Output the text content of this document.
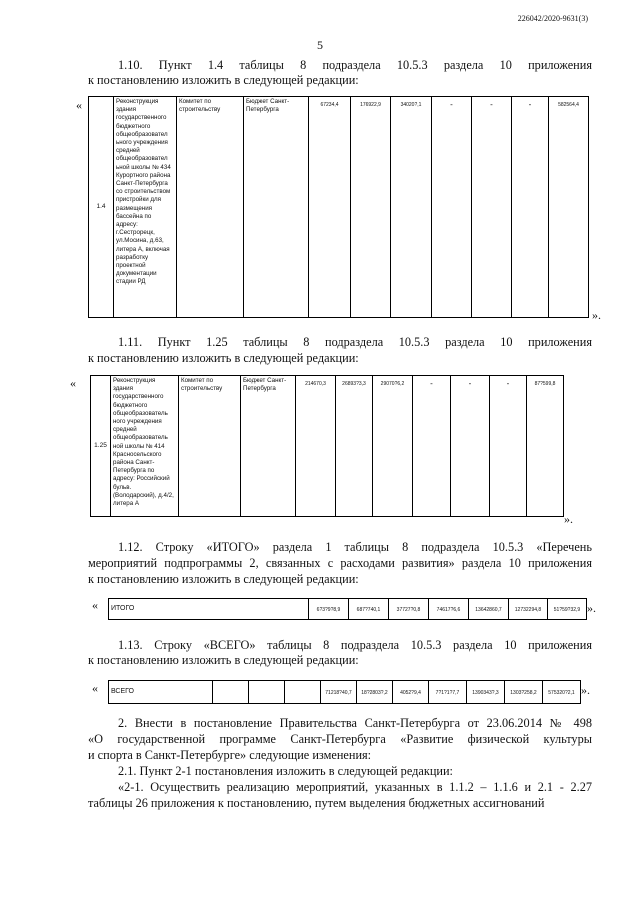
226042/2020-9631(3)
5

1.10. Пункт 1.4 таблицы 8 подраздела 10.5.3 раздела 10 приложения

к постановлению изложить в следующей редакции:

«
1.4	Реконструкция здания государственного бюджетного общеобразовател ьного учреждения средней общеобразовател ьной школы № 434 Курортного района Санкт-Петербурга со строительством пристройки для размещения бассейна по адресу: г.Сестрорецк, ул.Мосина, д.63, литера А, включая разработку проектной документации стадии РД	Комитет по строительству	Бюджет Санкт-Петербурга	67234,4	176922,9	34020?,1	-	-	-	582564,4
».

1.11. Пункт 1.25 таблицы 8 подраздела 10.5.3 раздела 10 приложения

к постановлению изложить в следующей редакции:

«
1.25	Реконструкция здания государственного бюджетного общеобразователь ного учреждения средней общеобразователь ной школы № 414 Красносельского района Санкт-Петербурга по адресу: Российский бульв. (Володарский), д.4/2, литера А	Комитет по строительству	Бюджет Санкт-Петербурга	214670,3	26893?3,3	29070?6,2	-	-	-	87?599,8
».

1.12. Строку «ИТОГО» раздела 1 таблицы 8 подраздела 10.5.3 «Перечень

мероприятий подпрограммы 2, связанных с расходами развития» раздела 10 приложения

к постановлению изложить в следующей редакции:

« ИТОГО	6?3?9?8,9	687?740,1	37727?0,8	74617?6,6	13642860,7	12732294,8	51?59?32,9 ».

1.13. Строку «ВСЕГО» таблицы 8 подраздела 10.5.3 раздела 10 приложения

к постановлению изложить в следующей редакции:

« ВСЕГО				71218?40,7	18?2803?,2	4052?9,4	7?1?1?7,7	1390343?,3	1303?258,2	575320?2,1 ».

2. Внести в постановление Правительства Санкт-Петербурга от 23.06.2014 № 498

«О государственной программе Санкт-Петербурга «Развитие физической культуры

и спорта в Санкт-Петербурге» следующие изменения:

2.1. Пункт 2-1 постановления изложить в следующей редакции:

«2-1. Осуществить реализацию мероприятий, указанных в 1.1.2 – 1.1.6 и 2.1 - 2.27

таблицы 26 приложения к постановлению, путем выделения бюджетных ассигнований
